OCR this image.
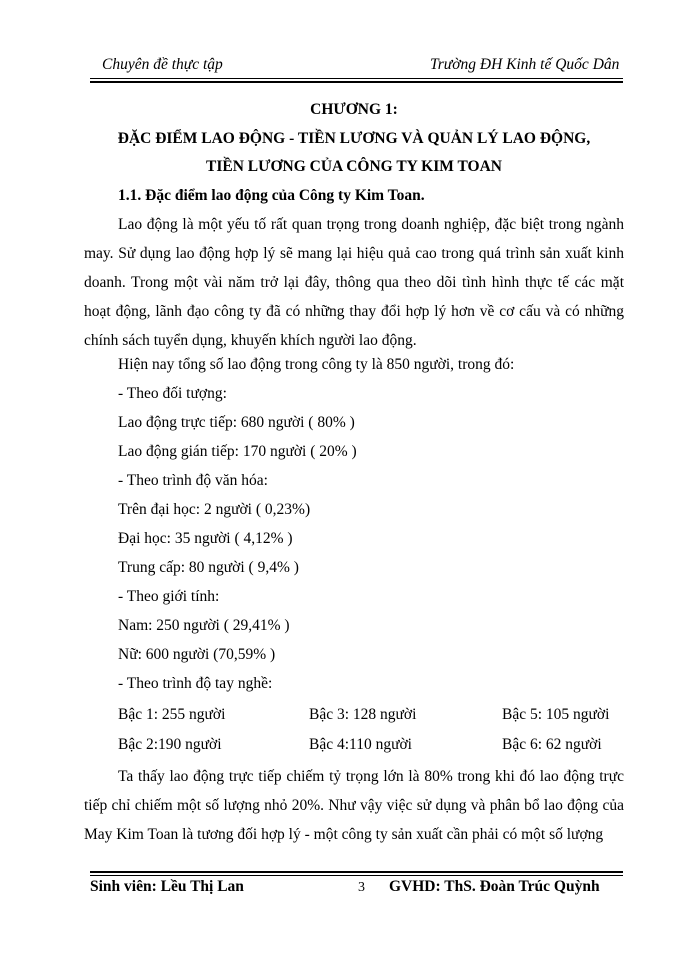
Chuyên đề thực tập	Trường ĐH Kinh tế Quốc Dân
CHƯƠNG 1:
ĐẶC ĐIỂM LAO ĐỘNG - TIỀN LƯƠNG VÀ QUẢN LÝ LAO ĐỘNG,
TIỀN LƯƠNG CỦA CÔNG TY KIM TOAN
1.1. Đặc điểm lao động của Công ty Kim Toan.
Lao động là một yếu tố rất quan trọng trong doanh nghiệp, đặc biệt trong ngành may. Sử dụng lao động hợp lý sẽ mang lại hiệu quả cao trong quá trình sản xuất kinh doanh. Trong một vài năm trở lại đây, thông qua theo dõi tình hình thực tế các mặt hoạt động, lãnh đạo công ty đã có những thay đổi hợp lý hơn về cơ cấu và có những chính sách tuyển dụng, khuyến khích người lao động.
Hiện nay tổng số lao động trong công ty là 850 người, trong đó:
- Theo đối tượng:
Lao động trực tiếp: 680 người ( 80% )
Lao động gián tiếp: 170 người ( 20% )
- Theo trình độ văn hóa:
Trên đại học: 2 người ( 0,23%)
Đại học: 35 người ( 4,12% )
Trung cấp: 80 người ( 9,4% )
- Theo giới tính:
Nam: 250 người ( 29,41% )
Nữ: 600 người (70,59% )
- Theo trình độ tay nghề:
Bậc 1: 255 người	Bậc 3: 128 người	Bậc 5: 105 người
Bậc 2:190 người	Bậc 4:110 người	Bậc 6: 62 người
Ta thấy lao động trực tiếp chiếm tỷ trọng lớn là 80% trong khi đó lao động trực tiếp chỉ chiếm một số lượng nhỏ 20%. Như vậy việc sử dụng và phân bổ lao động của May Kim Toan là tương đối hợp lý - một công ty sản xuất cần phải có một số lượng
Sinh viên: Lều Thị Lan	3 GVHD: ThS. Đoàn Trúc Quỳnh
